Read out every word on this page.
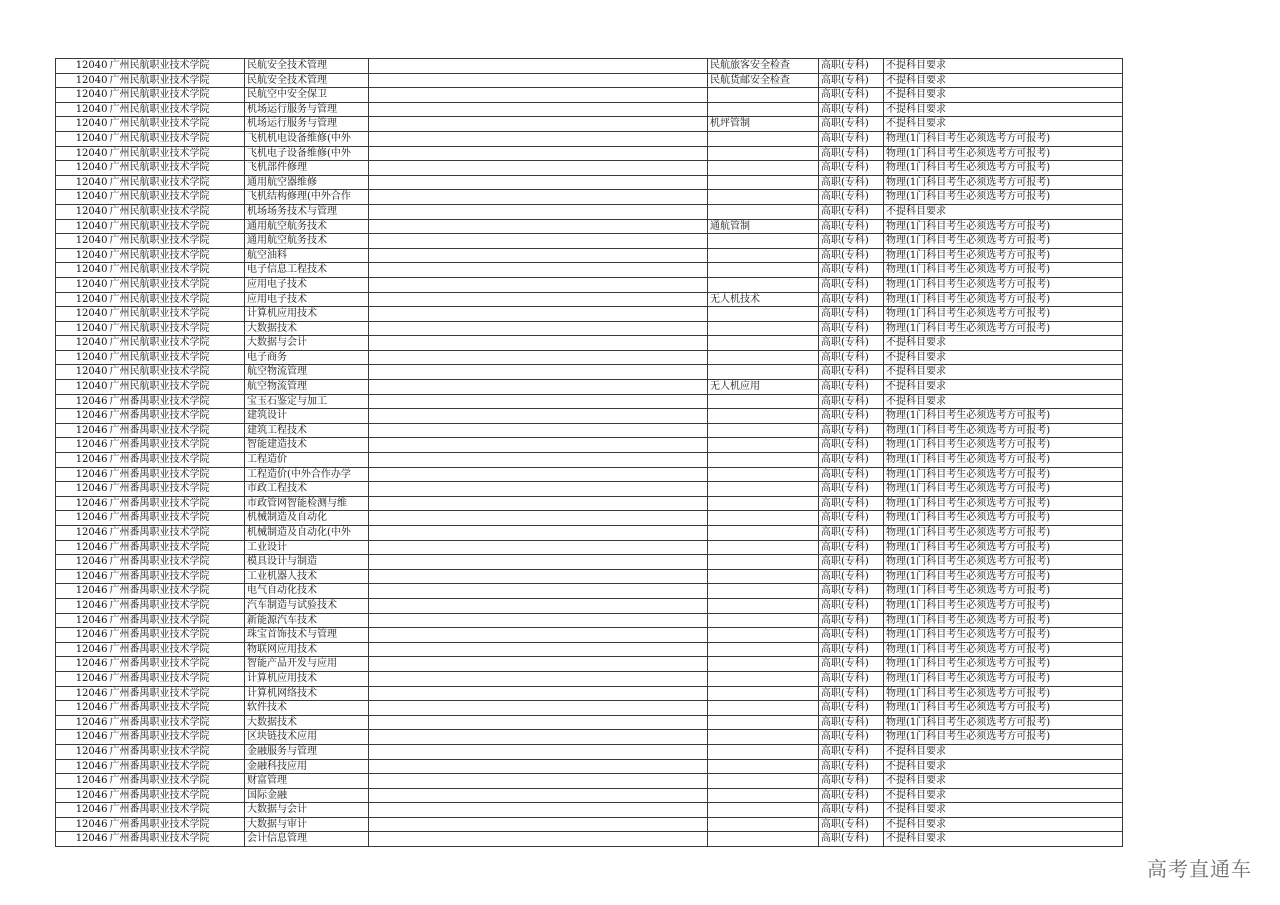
12040	广州民航职业技术学院	民航安全技术管理		民航旅客安全检查	高职(专科)	不提科目要求
12040	广州民航职业技术学院	民航安全技术管理		民航货邮安全检查	高职(专科)	不提科目要求
12040	广州民航职业技术学院	民航空中安全保卫			高职(专科)	不提科目要求
12040	广州民航职业技术学院	机场运行服务与管理			高职(专科)	不提科目要求
12040	广州民航职业技术学院	机场运行服务与管理		机坪管制	高职(专科)	不提科目要求
12040	广州民航职业技术学院	飞机机电设备维修(中外			高职(专科)	物理(1门科目考生必须选考方可报考)
12040	广州民航职业技术学院	飞机电子设备维修(中外			高职(专科)	物理(1门科目考生必须选考方可报考)
12040	广州民航职业技术学院	飞机部件修理			高职(专科)	物理(1门科目考生必须选考方可报考)
12040	广州民航职业技术学院	通用航空器维修			高职(专科)	物理(1门科目考生必须选考方可报考)
12040	广州民航职业技术学院	飞机结构修理(中外合作			高职(专科)	物理(1门科目考生必须选考方可报考)
12040	广州民航职业技术学院	机场场务技术与管理			高职(专科)	不提科目要求
12040	广州民航职业技术学院	通用航空航务技术		通航管制	高职(专科)	物理(1门科目考生必须选考方可报考)
12040	广州民航职业技术学院	通用航空航务技术			高职(专科)	物理(1门科目考生必须选考方可报考)
12040	广州民航职业技术学院	航空油料			高职(专科)	物理(1门科目考生必须选考方可报考)
12040	广州民航职业技术学院	电子信息工程技术			高职(专科)	物理(1门科目考生必须选考方可报考)
12040	广州民航职业技术学院	应用电子技术			高职(专科)	物理(1门科目考生必须选考方可报考)
12040	广州民航职业技术学院	应用电子技术		无人机技术	高职(专科)	物理(1门科目考生必须选考方可报考)
12040	广州民航职业技术学院	计算机应用技术			高职(专科)	物理(1门科目考生必须选考方可报考)
12040	广州民航职业技术学院	大数据技术			高职(专科)	物理(1门科目考生必须选考方可报考)
12040	广州民航职业技术学院	大数据与会计			高职(专科)	不提科目要求
12040	广州民航职业技术学院	电子商务			高职(专科)	不提科目要求
12040	广州民航职业技术学院	航空物流管理			高职(专科)	不提科目要求
12040	广州民航职业技术学院	航空物流管理		无人机应用	高职(专科)	不提科目要求
12046	广州番禺职业技术学院	宝玉石鉴定与加工			高职(专科)	不提科目要求
12046	广州番禺职业技术学院	建筑设计			高职(专科)	物理(1门科目考生必须选考方可报考)
12046	广州番禺职业技术学院	建筑工程技术			高职(专科)	物理(1门科目考生必须选考方可报考)
12046	广州番禺职业技术学院	智能建造技术			高职(专科)	物理(1门科目考生必须选考方可报考)
12046	广州番禺职业技术学院	工程造价			高职(专科)	物理(1门科目考生必须选考方可报考)
12046	广州番禺职业技术学院	工程造价(中外合作办学			高职(专科)	物理(1门科目考生必须选考方可报考)
12046	广州番禺职业技术学院	市政工程技术			高职(专科)	物理(1门科目考生必须选考方可报考)
12046	广州番禺职业技术学院	市政管网智能检测与维			高职(专科)	物理(1门科目考生必须选考方可报考)
12046	广州番禺职业技术学院	机械制造及自动化			高职(专科)	物理(1门科目考生必须选考方可报考)
12046	广州番禺职业技术学院	机械制造及自动化(中外			高职(专科)	物理(1门科目考生必须选考方可报考)
12046	广州番禺职业技术学院	工业设计			高职(专科)	物理(1门科目考生必须选考方可报考)
12046	广州番禺职业技术学院	模具设计与制造			高职(专科)	物理(1门科目考生必须选考方可报考)
12046	广州番禺职业技术学院	工业机器人技术			高职(专科)	物理(1门科目考生必须选考方可报考)
12046	广州番禺职业技术学院	电气自动化技术			高职(专科)	物理(1门科目考生必须选考方可报考)
12046	广州番禺职业技术学院	汽车制造与试验技术			高职(专科)	物理(1门科目考生必须选考方可报考)
12046	广州番禺职业技术学院	新能源汽车技术			高职(专科)	物理(1门科目考生必须选考方可报考)
12046	广州番禺职业技术学院	珠宝首饰技术与管理			高职(专科)	物理(1门科目考生必须选考方可报考)
12046	广州番禺职业技术学院	物联网应用技术			高职(专科)	物理(1门科目考生必须选考方可报考)
12046	广州番禺职业技术学院	智能产品开发与应用			高职(专科)	物理(1门科目考生必须选考方可报考)
12046	广州番禺职业技术学院	计算机应用技术			高职(专科)	物理(1门科目考生必须选考方可报考)
12046	广州番禺职业技术学院	计算机网络技术			高职(专科)	物理(1门科目考生必须选考方可报考)
12046	广州番禺职业技术学院	软件技术			高职(专科)	物理(1门科目考生必须选考方可报考)
12046	广州番禺职业技术学院	大数据技术			高职(专科)	物理(1门科目考生必须选考方可报考)
12046	广州番禺职业技术学院	区块链技术应用			高职(专科)	物理(1门科目考生必须选考方可报考)
12046	广州番禺职业技术学院	金融服务与管理			高职(专科)	不提科目要求
12046	广州番禺职业技术学院	金融科技应用			高职(专科)	不提科目要求
12046	广州番禺职业技术学院	财富管理			高职(专科)	不提科目要求
12046	广州番禺职业技术学院	国际金融			高职(专科)	不提科目要求
12046	广州番禺职业技术学院	大数据与会计			高职(专科)	不提科目要求
12046	广州番禺职业技术学院	大数据与审计			高职(专科)	不提科目要求
12046	广州番禺职业技术学院	会计信息管理			高职(专科)	不提科目要求
高考直通车
